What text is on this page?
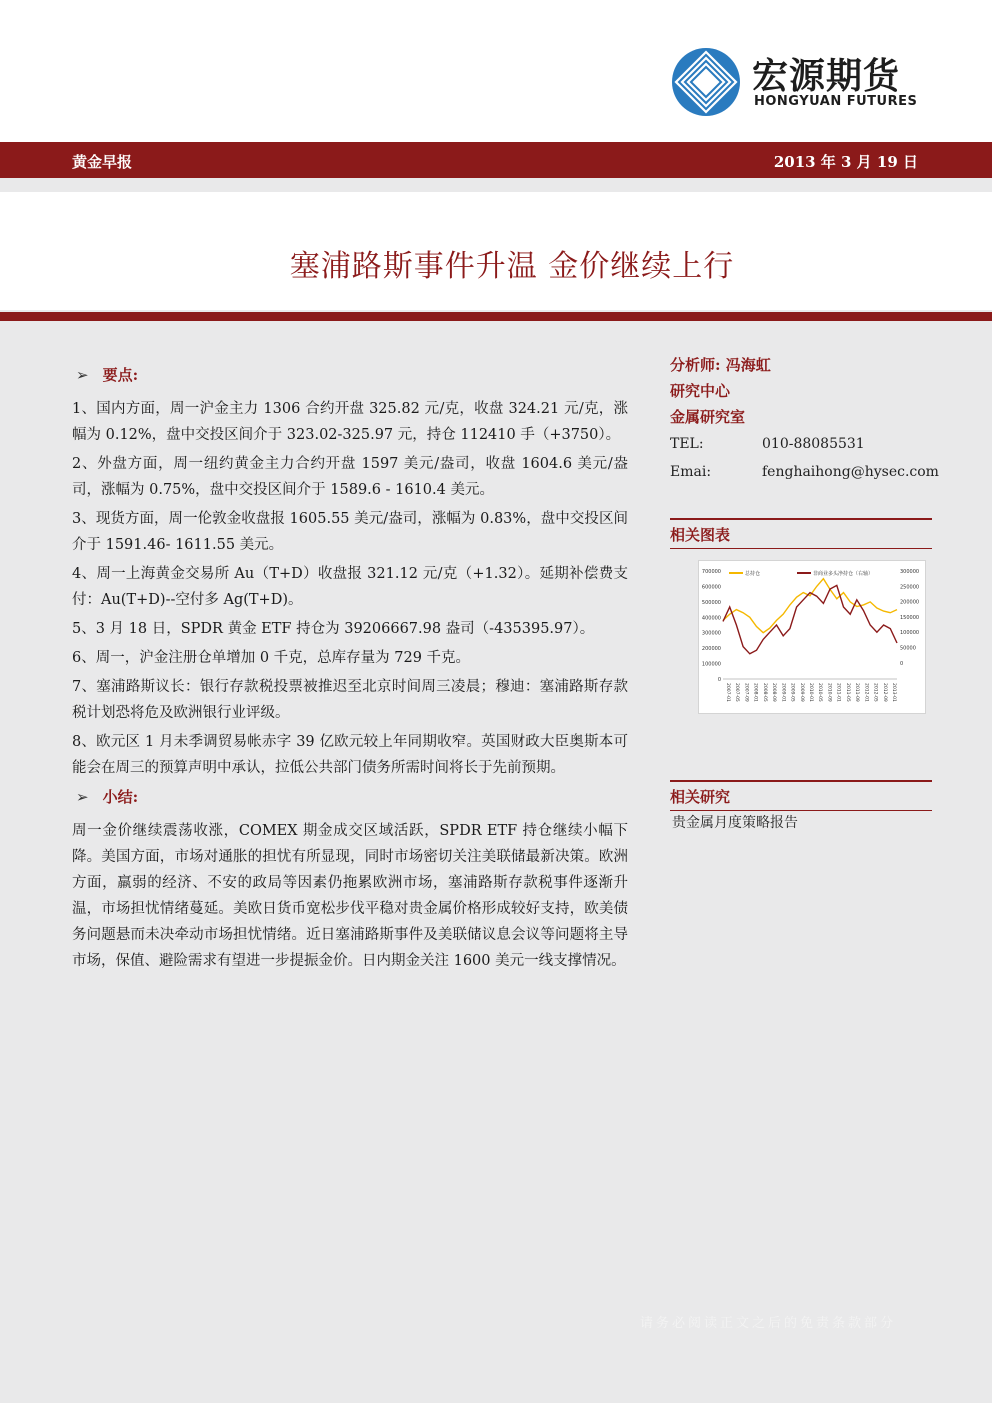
宏源期货
HONGYUAN FUTURES
黄金早报	2013 年 3 月 19 日
塞浦路斯事件升温 金价继续上行
➢ 要点:

1、国内方面，周一沪金主力 1306 合约开盘 325.82 元/克，收盘 324.21 元/克，涨幅为 0.12%，盘中交投区间介于 323.02-325.97 元，持仓 112410 手（+3750）。

2、外盘方面，周一纽约黄金主力合约开盘 1597 美元/盎司，收盘 1604.6 美元/盎司，涨幅为 0.75%，盘中交投区间介于 1589.6 - 1610.4 美元。

3、现货方面，周一伦敦金收盘报 1605.55 美元/盎司，涨幅为 0.83%，盘中交投区间介于 1591.46- 1611.55 美元。

4、周一上海黄金交易所 Au（T+D）收盘报 321.12 元/克（+1.32）。延期补偿费支付：Au(T+D)--空付多 Ag(T+D)。

5、3 月 18 日，SPDR 黄金 ETF 持仓为 39206667.98 盎司（-435395.97）。

6、周一，沪金注册仓单增加 0 千克，总库存量为 729 千克。

7、塞浦路斯议长：银行存款税投票被推迟至北京时间周三凌晨；穆迪：塞浦路斯存款税计划恐将危及欧洲银行业评级。

8、欧元区 1 月未季调贸易帐赤字 39 亿欧元较上年同期收窄。英国财政大臣奥斯本可能会在周三的预算声明中承认，拉低公共部门债务所需时间将长于先前预期。

➢ 小结:

周一金价继续震荡收涨，COMEX 期金成交区域活跃，SPDR ETF 持仓继续小幅下降。美国方面，市场对通胀的担忧有所显现，同时市场密切关注美联储最新决策。欧洲方面，羸弱的经济、不安的政局等因素仍拖累欧洲市场，塞浦路斯存款税事件逐渐升温，市场担忧情绪蔓延。美欧日货币宽松步伐平稳对贵金属价格形成较好支持，欧美债务问题悬而未决牵动市场担忧情绪。近日塞浦路斯事件及美联储议息会议等问题将主导市场，保值、避险需求有望进一步提振金价。日内期金关注 1600 美元一线支撑情况。

分析师: 冯海虹
研究中心
金属研究室
TEL:	010-88085531
Emai:	fenghaihong@hysec.com
相关图表
700000
600000
500000
400000
300000
200000
100000
0
300000
250000
200000
150000
100000
50000
0
2007-01 2007-05 2007-09 2008-01 2008-05 2008-09 2009-01 2009-05 2009-09 2010-01 2010-05 2010-09 2011-01 2011-05 2011-09 2012-01 2012-05 2012-09 2013-01
总持仓	非商业多头净持仓（右轴）
相关研究
贵金属月度策略报告
请务必阅读正文之后的免责条款部分
